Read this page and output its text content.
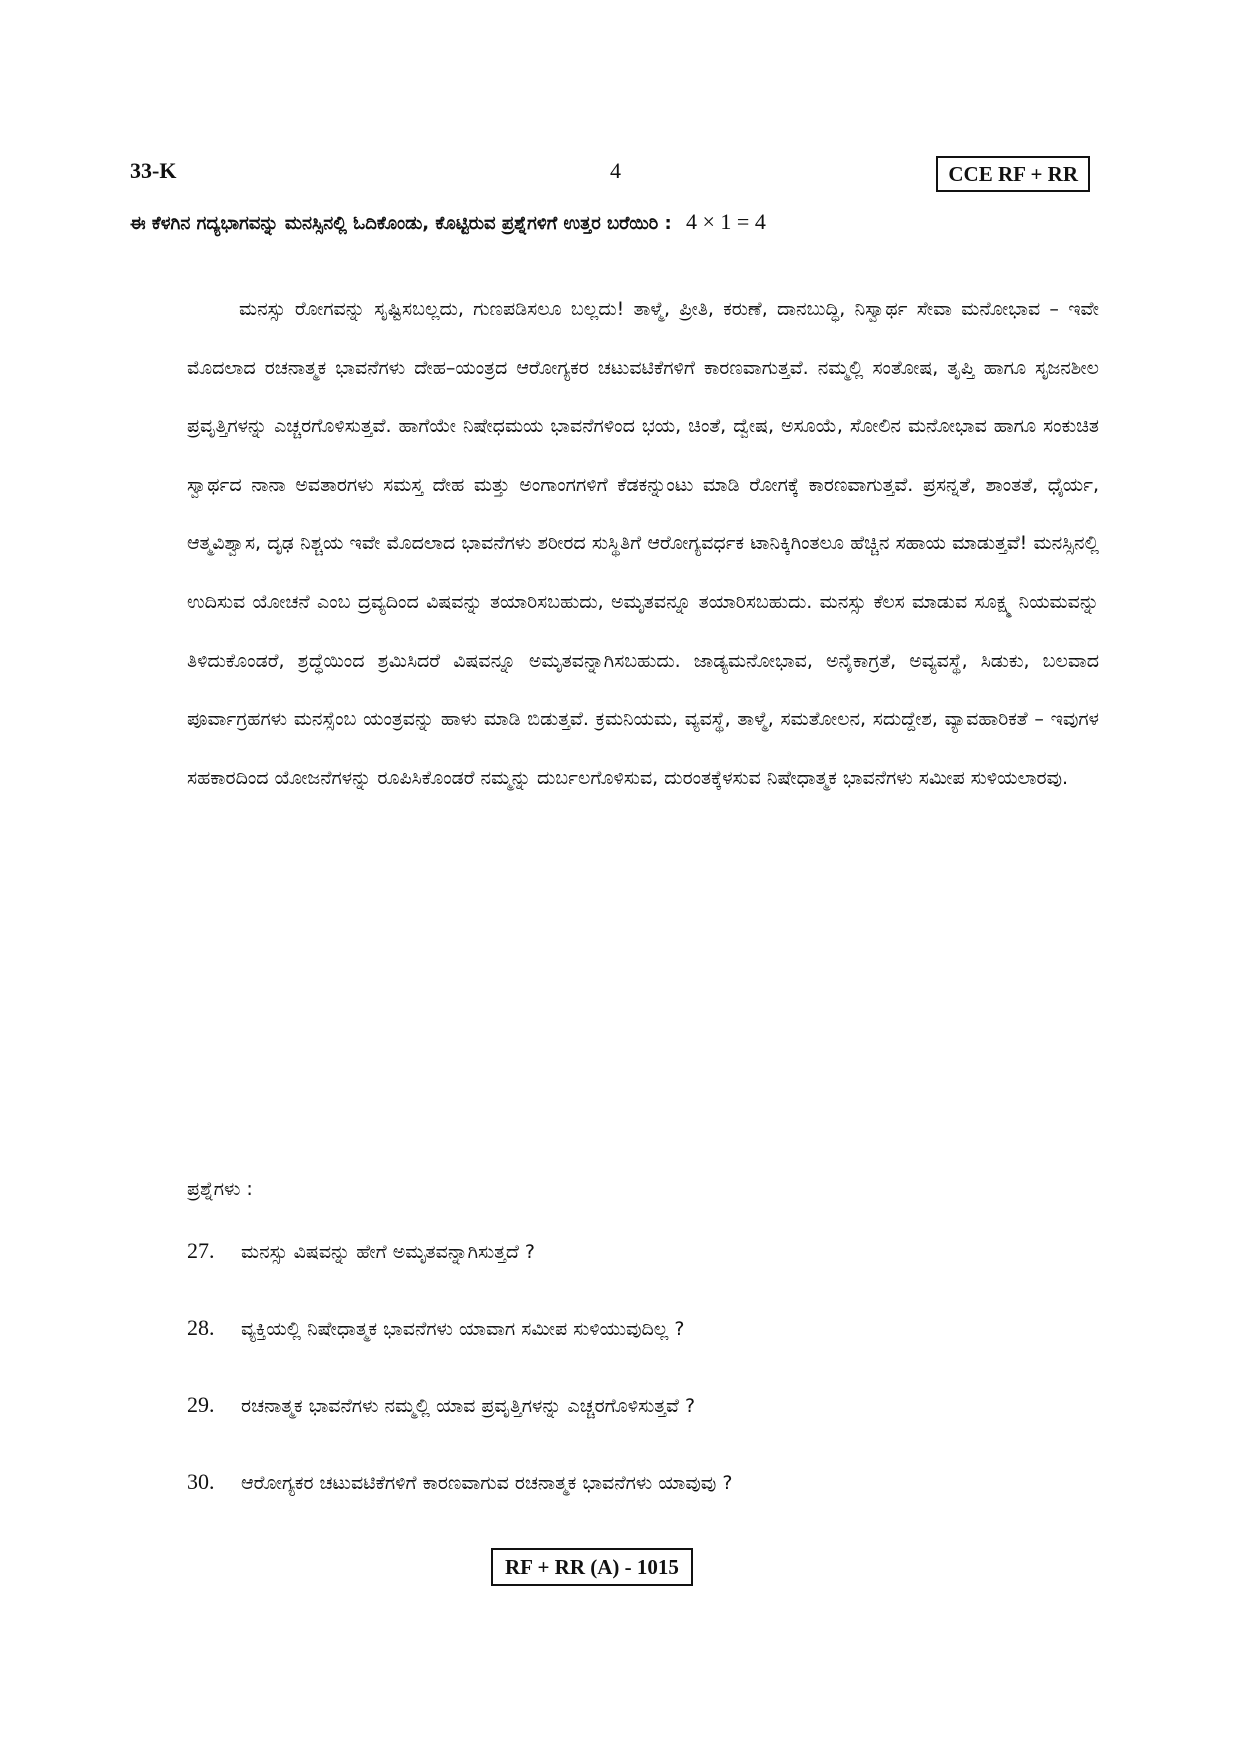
33-K	4	CCE RF + RR
ಈ ಕೆಳಗಿನ ಗದ್ಯಭಾಗವನ್ನು ಮನಸ್ಸಿನಲ್ಲಿ ಓದಿಕೊಂಡು, ಕೊಟ್ಟಿರುವ ಪ್ರಶ್ನೆಗಳಿಗೆ ಉತ್ತರ ಬರೆಯಿರಿ : 4 × 1 = 4

ಮನಸ್ಸು ರೋಗವನ್ನು ಸೃಷ್ಟಿಸಬಲ್ಲದು, ಗುಣಪಡಿಸಲೂ ಬಲ್ಲದು! ತಾಳ್ಮೆ, ಪ್ರೀತಿ, ಕರುಣೆ, ದಾನಬುದ್ಧಿ, ನಿಸ್ವಾರ್ಥ ಸೇವಾ ಮನೋಭಾವ – ಇವೇ ಮೊದಲಾದ ರಚನಾತ್ಮಕ ಭಾವನೆಗಳು ದೇಹ–ಯಂತ್ರದ ಆರೋಗ್ಯಕರ ಚಟುವಟಿಕೆಗಳಿಗೆ ಕಾರಣವಾಗುತ್ತವೆ. ನಮ್ಮಲ್ಲಿ ಸಂತೋಷ, ತೃಪ್ತಿ ಹಾಗೂ ಸೃಜನಶೀಲ ಪ್ರವೃತ್ತಿಗಳನ್ನು ಎಚ್ಚರಗೊಳಿಸುತ್ತವೆ. ಹಾಗೆಯೇ ನಿಷೇಧಮಯ ಭಾವನೆಗಳಿಂದ ಭಯ, ಚಿಂತೆ, ದ್ವೇಷ, ಅಸೂಯೆ, ಸೋಲಿನ ಮನೋಭಾವ ಹಾಗೂ ಸಂಕುಚಿತ ಸ್ವಾರ್ಥದ ನಾನಾ ಅವತಾರಗಳು ಸಮಸ್ತ ದೇಹ ಮತ್ತು ಅಂಗಾಂಗಗಳಿಗೆ ಕೆಡಕನ್ನುಂಟು ಮಾಡಿ ರೋಗಕ್ಕೆ ಕಾರಣವಾಗುತ್ತವೆ. ಪ್ರಸನ್ನತೆ, ಶಾಂತತೆ, ಧೈರ್ಯ, ಆತ್ಮವಿಶ್ವಾಸ, ದೃಢ ನಿಶ್ಚಯ ಇವೇ ಮೊದಲಾದ ಭಾವನೆಗಳು ಶರೀರದ ಸುಸ್ಥಿತಿಗೆ ಆರೋಗ್ಯವರ್ಧಕ ಟಾನಿಕ್ಕಿಗಿಂತಲೂ ಹೆಚ್ಚಿನ ಸಹಾಯ ಮಾಡುತ್ತವೆ! ಮನಸ್ಸಿನಲ್ಲಿ ಉದಿಸುವ ಯೋಚನೆ ಎಂಬ ದ್ರವ್ಯದಿಂದ ವಿಷವನ್ನು ತಯಾರಿಸಬಹುದು, ಅಮೃತವನ್ನೂ ತಯಾರಿಸಬಹುದು. ಮನಸ್ಸು ಕೆಲಸ ಮಾಡುವ ಸೂಕ್ಷ್ಮ ನಿಯಮವನ್ನು ತಿಳಿದುಕೊಂಡರೆ, ಶ್ರದ್ಧೆಯಿಂದ ಶ್ರಮಿಸಿದರೆ ವಿಷವನ್ನೂ ಅಮೃತವನ್ನಾಗಿಸಬಹುದು. ಜಾಡ್ಯಮನೋಭಾವ, ಅನೈಕಾಗ್ರತೆ, ಅವ್ಯವಸ್ಥೆ, ಸಿಡುಕು, ಬಲವಾದ ಪೂರ್ವಾಗ್ರಹಗಳು ಮನಸ್ಸೆಂಬ ಯಂತ್ರವನ್ನು ಹಾಳು ಮಾಡಿ ಬಿಡುತ್ತವೆ. ಕ್ರಮನಿಯಮ, ವ್ಯವಸ್ಥೆ, ತಾಳ್ಮೆ, ಸಮತೋಲನ, ಸದುದ್ದೇಶ, ವ್ಯಾವಹಾರಿಕತೆ – ಇವುಗಳ ಸಹಕಾರದಿಂದ ಯೋಜನೆಗಳನ್ನು ರೂಪಿಸಿಕೊಂಡರೆ ನಮ್ಮನ್ನು ದುರ್ಬಲಗೊಳಿಸುವ, ದುರಂತಕ್ಕೆಳಸುವ ನಿಷೇಧಾತ್ಮಕ ಭಾವನೆಗಳು ಸಮೀಪ ಸುಳಿಯಲಾರವು.

ಪ್ರಶ್ನೆಗಳು :
27. ಮನಸ್ಸು ವಿಷವನ್ನು ಹೇಗೆ ಅಮೃತವನ್ನಾಗಿಸುತ್ತದೆ ?
28. ವ್ಯಕ್ತಿಯಲ್ಲಿ ನಿಷೇಧಾತ್ಮಕ ಭಾವನೆಗಳು ಯಾವಾಗ ಸಮೀಪ ಸುಳಿಯುವುದಿಲ್ಲ ?
29. ರಚನಾತ್ಮಕ ಭಾವನೆಗಳು ನಮ್ಮಲ್ಲಿ ಯಾವ ಪ್ರವೃತ್ತಿಗಳನ್ನು ಎಚ್ಚರಗೊಳಿಸುತ್ತವೆ ?
30. ಆರೋಗ್ಯಕರ ಚಟುವಟಿಕೆಗಳಿಗೆ ಕಾರಣವಾಗುವ ರಚನಾತ್ಮಕ ಭಾವನೆಗಳು ಯಾವುವು ?
RF + RR (A) - 1015
